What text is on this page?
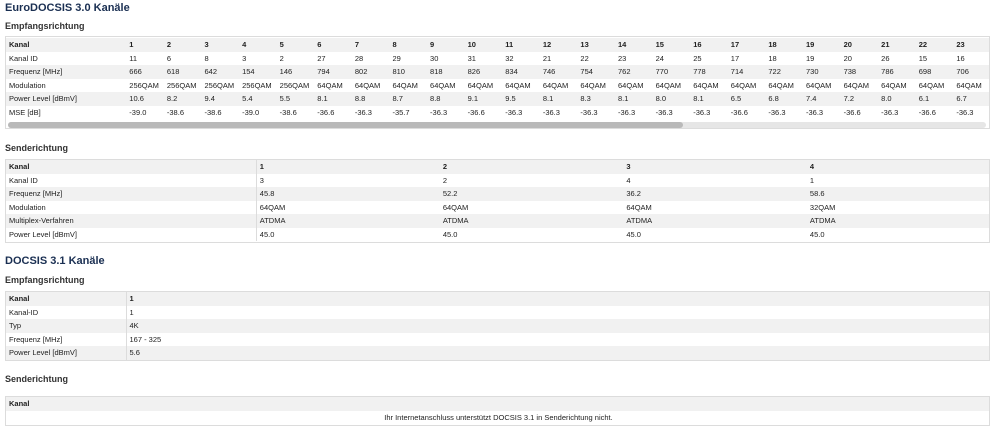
EuroDOCSIS 3.0 Kanäle
Empfangsrichtung
Kanal	1	2	3	4	5	6	7	8	9	10	11	12	13	14	15	16	17	18	19	20	21	22	23
Kanal ID	11	6	8	3	2	27	28	29	30	31	32	21	22	23	24	25	17	18	19	20	26	15	16
Frequenz [MHz]	666	618	642	154	146	794	802	810	818	826	834	746	754	762	770	778	714	722	730	738	786	698	706
Modulation	256QAM	256QAM	256QAM	256QAM	256QAM	64QAM	64QAM	64QAM	64QAM	64QAM	64QAM	64QAM	64QAM	64QAM	64QAM	64QAM	64QAM	64QAM	64QAM	64QAM	64QAM	64QAM	64QAM
Power Level [dBmV]	10.6	8.2	9.4	5.4	5.5	8.1	8.8	8.7	8.8	9.1	9.5	8.1	8.3	8.1	8.0	8.1	6.5	6.8	7.4	7.2	8.0	6.1	6.7
MSE [dB]	-39.0	-38.6	-38.6	-39.0	-38.6	-36.6	-36.3	-35.7	-36.3	-36.6	-36.3	-36.3	-36.3	-36.3	-36.3	-36.3	-36.6	-36.3	-36.3	-36.6	-36.3	-36.6	-36.3
Senderichtung
Kanal	1	2	3	4
Kanal ID	3	2	4	1
Frequenz [MHz]	45.8	52.2	36.2	58.6
Modulation	64QAM	64QAM	64QAM	32QAM
Multiplex-Verfahren	ATDMA	ATDMA	ATDMA	ATDMA
Power Level [dBmV]	45.0	45.0	45.0	45.0
DOCSIS 3.1 Kanäle
Empfangsrichtung
Kanal	1
Kanal-ID	1
Typ	4K
Frequenz [MHz]	167 - 325
Power Level [dBmV]	5.6
Senderichtung
Kanal
Ihr Internetanschluss unterstützt DOCSIS 3.1 in Senderichtung nicht.
